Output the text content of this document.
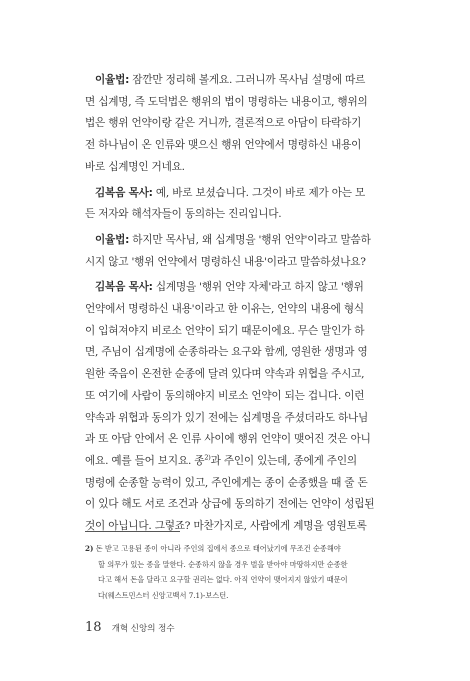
이율법: 잠깐만 정리해 볼게요. 그러니까 목사님 설명에 따르
면 십계명, 즉 도덕법은 행위의 법이 명령하는 내용이고, 행위의
법은 행위 언약이랑 같은 거니까, 결론적으로 아담이 타락하기
전 하나님이 온 인류와 맺으신 행위 언약에서 명령하신 내용이
바로 십계명인 거네요.
김복음 목사: 예, 바로 보셨습니다. 그것이 바로 제가 아는 모
든 저자와 해석자들이 동의하는 진리입니다.
이율법: 하지만 목사님, 왜 십계명을 '행위 언약'이라고 말씀하
시지 않고 '행위 언약에서 명령하신 내용'이라고 말씀하셨나요?
김복음 목사: 십계명을 '행위 언약 자체'라고 하지 않고 '행위
언약에서 명령하신 내용'이라고 한 이유는, 언약의 내용에 형식
이 입혀져야지 비로소 언약이 되기 때문이에요. 무슨 말인가 하
면, 주님이 십계명에 순종하라는 요구와 함께, 영원한 생명과 영
원한 죽음이 온전한 순종에 달려 있다며 약속과 위협을 주시고,
또 여기에 사람이 동의해야지 비로소 언약이 되는 겁니다. 이런
약속과 위협과 동의가 있기 전에는 십계명을 주셨더라도 하나님
과 또 아담 안에서 온 인류 사이에 행위 언약이 맺어진 것은 아니
에요. 예를 들어 보지요. 종$^{2)}$과 주인이 있는데, 종에게 주인의
명령에 순종할 능력이 있고, 주인에게는 종이 순종했을 때 줄 돈
이 있다 해도 서로 조건과 상급에 동의하기 전에는 언약이 성립된
것이 아닙니다. 그렇죠? 마찬가지로, 사람에게 계명을 영원토록
2) 돈 받고 고용된 종이 아니라 주인의 집에서 종으로 태어났기에 무조건 순종해야
할 의무가 있는 종을 말한다. 순종하지 않을 경우 벌을 받아야 마땅하지만 순종한
다고 해서 돈을 달라고 요구할 권리는 없다. 아직 언약이 맺어지지 않았기 때문이
다(웨스트민스터 신앙고백서 7.1)-보스턴.
18 개혁 신앙의 정수
